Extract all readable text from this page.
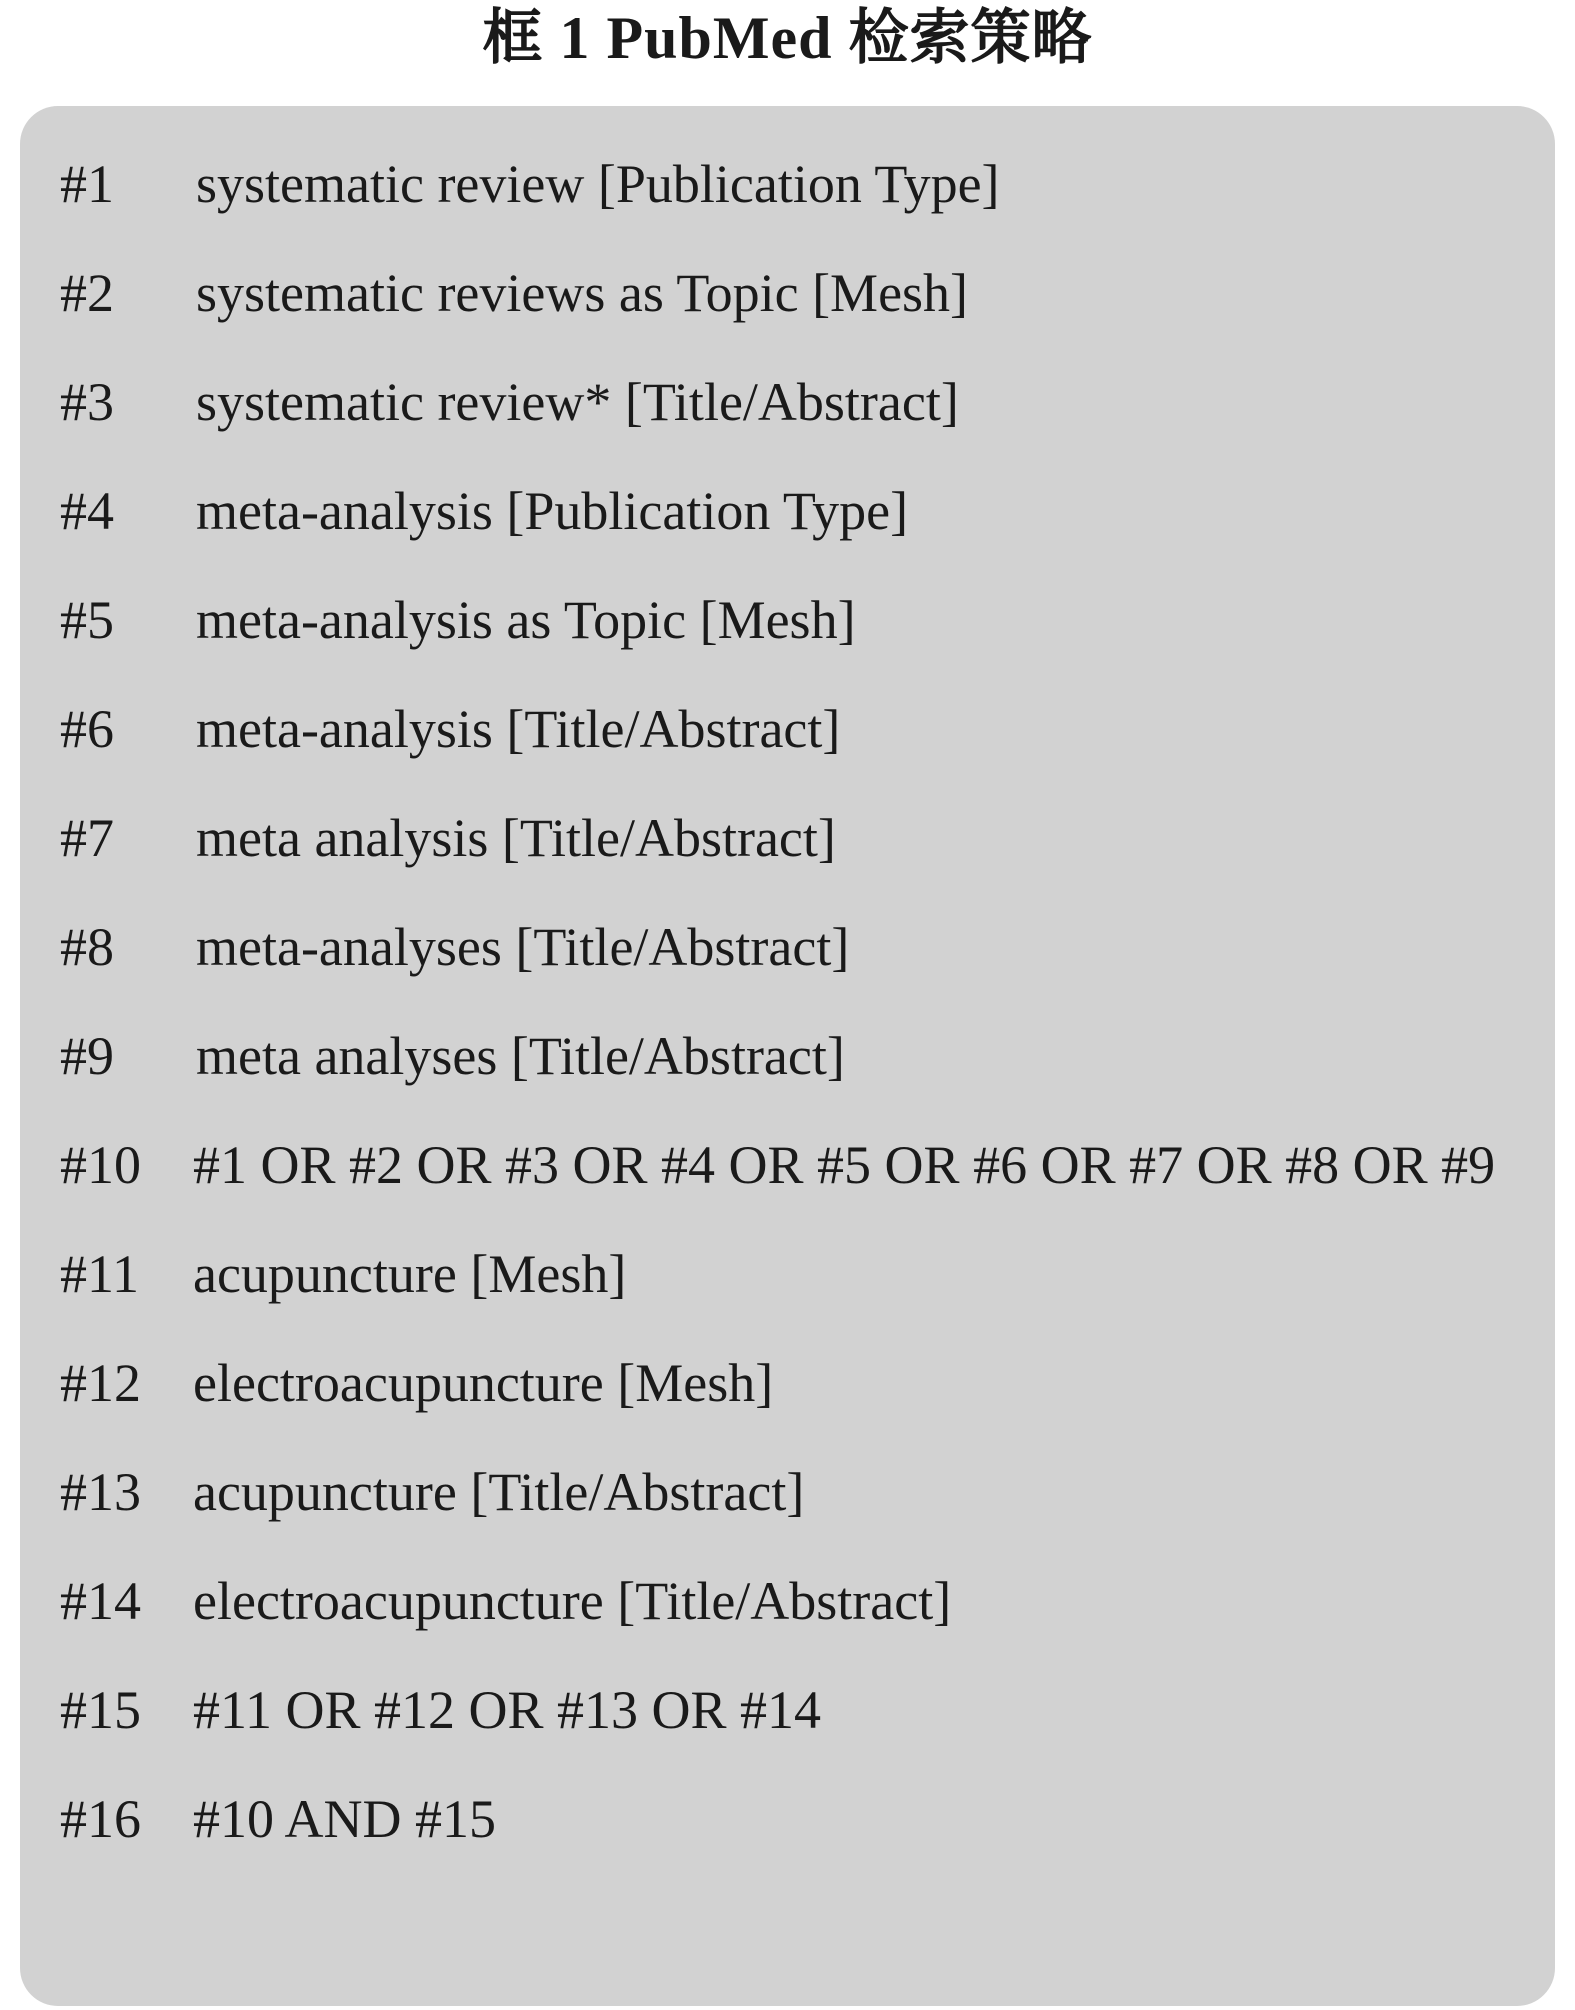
框 1 PubMed 检索策略
#1	systematic review [Publication Type]
#2	systematic reviews as Topic [Mesh]
#3	systematic review* [Title/Abstract]
#4	meta-analysis [Publication Type]
#5	meta-analysis as Topic [Mesh]
#6	meta-analysis [Title/Abstract]
#7	meta analysis [Title/Abstract]
#8	meta-analyses [Title/Abstract]
#9	meta analyses [Title/Abstract]
#10 #1 OR #2 OR #3 OR #4 OR #5 OR #6 OR #7 OR #8 OR #9
#11	acupuncture [Mesh]
#12 electroacupuncture [Mesh]
#13 acupuncture [Title/Abstract]
#14 electroacupuncture [Title/Abstract]
#15 #11 OR #12 OR #13 OR #14
#16 #10 AND #15
